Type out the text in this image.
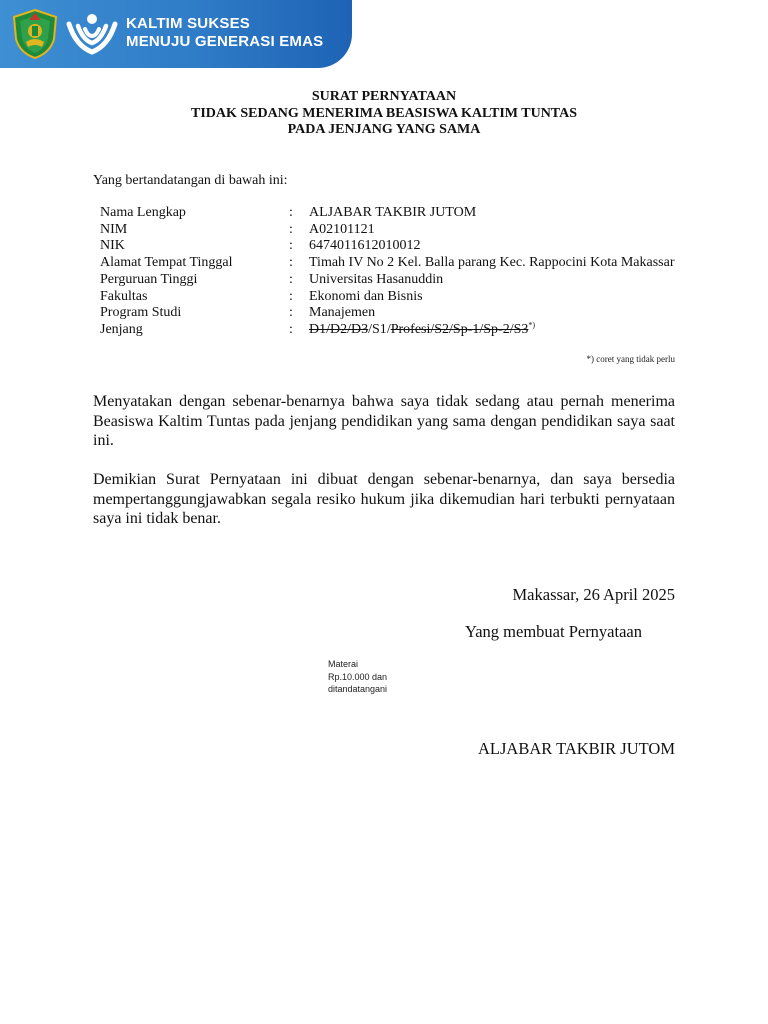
KALTIM SUKSES
MENUJU GENERASI EMAS
SURAT PERNYATAAN
TIDAK SEDANG MENERIMA BEASISWA KALTIM TUNTAS
PADA JENJANG YANG SAMA
Yang bertandatangan di bawah ini:
Nama Lengkap	:	ALJABAR TAKBIR JUTOM
NIM	:	A02101121
NIK	:	6474011612010012
Alamat Tempat Tinggal	:	Timah IV No 2 Kel. Balla parang Kec. Rappocini Kota Makassar
Perguruan Tinggi	:	Universitas Hasanuddin
Fakultas	:	Ekonomi dan Bisnis
Program Studi	:	Manajemen
Jenjang	:	D1/D2/D3/S1/Profesi/S2/Sp-1/Sp-2/S3*)
*) coret yang tidak perlu
Menyatakan dengan sebenar-benarnya bahwa saya tidak sedang atau pernah menerima Beasiswa Kaltim Tuntas pada jenjang pendidikan yang sama dengan pendidikan saya saat ini.
Demikian Surat Pernyataan ini dibuat dengan sebenar-benarnya, dan saya bersedia mempertanggungjawabkan segala resiko hukum jika dikemudian hari terbukti pernyataan saya ini tidak benar.
Makassar, 26 April 2025
Yang membuat Pernyataan
Materai
Rp.10.000 dan
ditandatangani
ALJABAR TAKBIR JUTOM
